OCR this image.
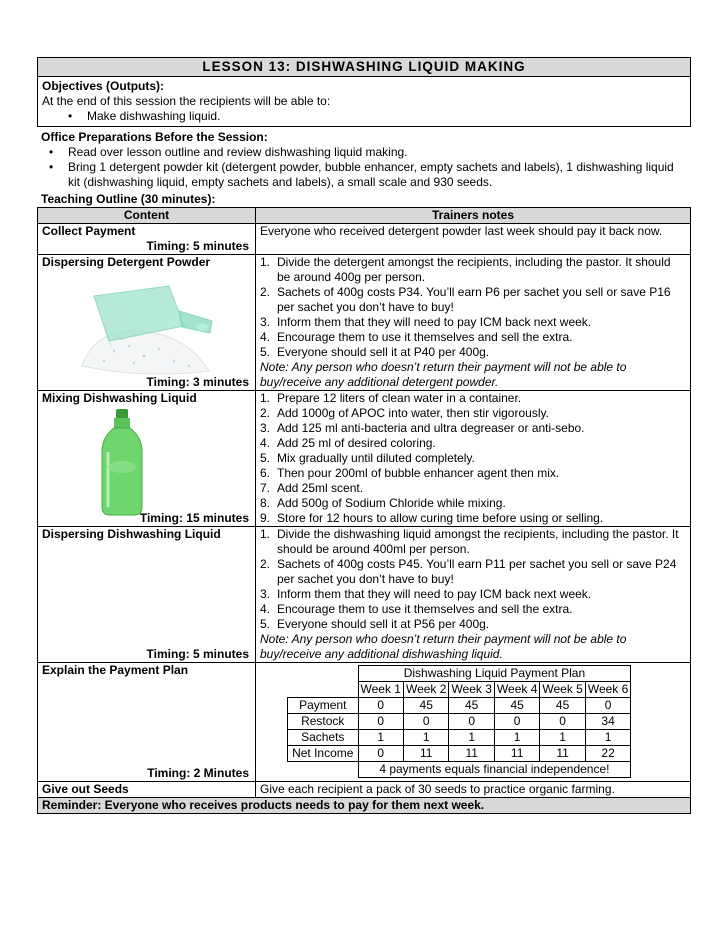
LESSON 13: DISHWASHING LIQUID MAKING
Objectives (Outputs):
At the end of this session the recipients will be able to:
• Make dishwashing liquid.
Office Preparations Before the Session:
• Read over lesson outline and review dishwashing liquid making.
• Bring 1 detergent powder kit (detergent powder, bubble enhancer, empty sachets and labels), 1 dishwashing liquid kit (dishwashing liquid, empty sachets and labels), a small scale and 930 seeds.
Teaching Outline (30 minutes):
Content	Trainers notes

Collect Payment
Timing: 5 minutes
	Everyone who received detergent powder last week should pay it back now.

Dispersing Detergent Powder
Timing: 3 minutes

1. Divide the detergent amongst the recipients, including the pastor. It should be around 400g per person.
2. Sachets of 400g costs P34. You’ll earn P6 per sachet you sell or save P16 per sachet you don’t have to buy!
3. Inform them that they will need to pay ICM back next week.
4. Encourage them to use it themselves and sell the extra.
5. Everyone should sell it at P40 per 400g.
Note: Any person who doesn’t return their payment will not be able to buy/receive any additional detergent powder.

Mixing Dishwashing Liquid
Timing: 15 minutes

1. Prepare 12 liters of clean water in a container.
2. Add 1000g of APOC into water, then stir vigorously.
3. Add 125 ml anti-bacteria and ultra degreaser or anti-sebo.
4. Add 25 ml of desired coloring.
5. Mix gradually until diluted completely.
6. Then pour 200ml of bubble enhancer agent then mix.
7. Add 25ml scent.
8. Add 500g of Sodium Chloride while mixing.
9. Store for 12 hours to allow curing time before using or selling.

Dispersing Dishwashing Liquid
Timing: 5 minutes

1. Divide the dishwashing liquid amongst the recipients, including the pastor. It should be around 400ml per person.
2. Sachets of 400g costs P45. You’ll earn P11 per sachet you sell or save P24 per sachet you don’t have to buy!
3. Inform them that they will need to pay ICM back next week.
4. Encourage them to use it themselves and sell the extra.
5. Everyone should sell it at P56 per 400g.
Note: Any person who doesn’t return their payment will not be able to buy/receive any additional dishwashing liquid.

Explain the Payment Plan
Timing: 2 Minutes

	Dishwashing Liquid Payment Plan
	Week 1	Week 2	Week 3	Week 4	Week 5	Week 6
Payment	0	45	45	45	45	0
Restock	0	0	0	0	0	34
Sachets	1	1	1	1	1	1
Net Income	0	11	11	11	11	22
	4 payments equals financial independence!

Give out Seeds	Give each recipient a pack of 30 seeds to practice organic farming.
Reminder: Everyone who receives products needs to pay for them next week.
